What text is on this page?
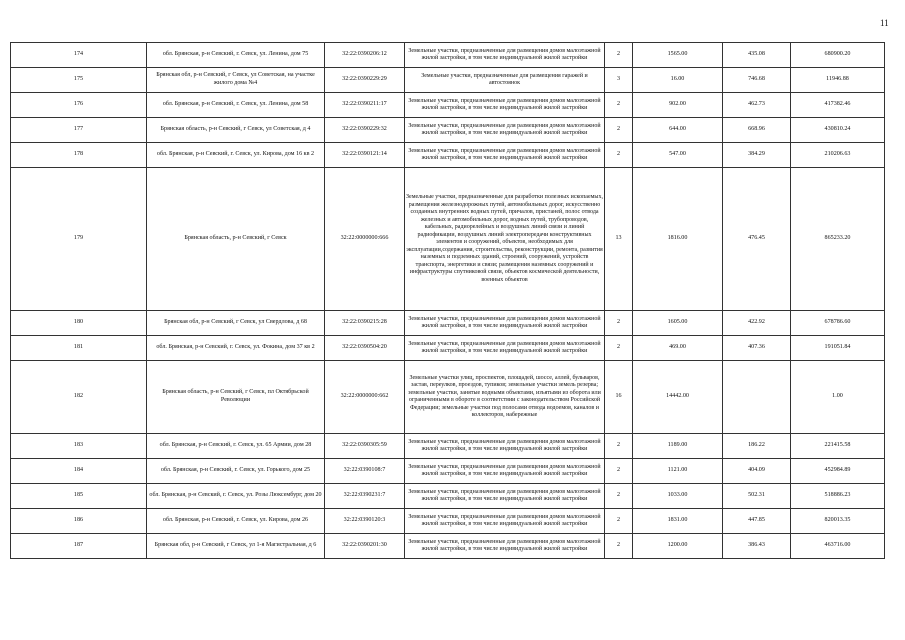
11
174	обл. Брянская, р-н Севский, г. Севск, ул. Ленина, дом 75	32:22:0390206:12	Земельные участки, предназначенные для размещения домов малоэтажной жилой застройки, в том числе индивидуальной жилой застройки	2	1565.00	435.08	680900.20
175	Брянская обл, р-н Севский, г Севск, ул Советская, на участке жилого дома №4	32:22:0390229:29	Земельные участки, предназначенные для размещения гаражей и автостоянок	3	16.00	746.68	11946.88
176	обл. Брянская, р-н Севский, г. Севск, ул. Ленина, дом 58	32:22:0390211:17	Земельные участки, предназначенные для размещения домов малоэтажной жилой застройки, в том числе индивидуальной жилой застройки	2	902.00	462.73	417382.46
177	Брянская область, р-н Севский, г Севск, ул Советская, д 4	32:22:0390229:32	Земельные участки, предназначенные для размещения домов малоэтажной жилой застройки, в том числе индивидуальной жилой застройки	2	644.00	668.96	430810.24
178	обл. Брянская, р-н Севский, г. Севск, ул. Кирова, дом 16 кв 2	32:22:0390121:14	Земельные участки, предназначенные для размещения домов малоэтажной жилой застройки, в том числе индивидуальной жилой застройки	2	547.00	384.29	210206.63
179	Брянская область, р-н Севский, г Севск	32:22:0000000:666	Земельные участки, предназначенные для разработки полезных ископаемых, размещения железнодорожных путей, автомобильных дорог, искусственно созданных внутренних водных путей, причалов, пристаней, полос отвода железных и автомобильных дорог, водных путей, трубопроводов, кабельных, радиорелейных и воздушных линий связи и линий радиофикации, воздушных линий электропередачи конструктивных элементов и сооружений, объектов, необходимых для эксплуатации,содержания, строительства, реконструкции, ремонта, развития наземных и подземных зданий, строений, сооружений, устройств транспорта, энергетики и связи; размещения наземных сооружений и инфраструктуры спутниковой связи, объектов космической деятельности, военных объектов	13	1816.00	476.45	865233.20
180	Брянская обл, р-н Севский, г Севск, ул Свердлова, д 68	32:22:0390215:28	Земельные участки, предназначенные для размещения домов малоэтажной жилой застройки, в том числе индивидуальной жилой застройки	2	1605.00	422.92	678786.60
181	обл. Брянская, р-н Севский, г. Севск, ул. Фокина, дом 37 кв 2	32:22:0390504:20	Земельные участки, предназначенные для размещения домов малоэтажной жилой застройки, в том числе индивидуальной жилой застройки	2	469.00	407.36	191051.84
182	Брянская область, р-н Севский, г Севск, пл Октябрьской Революции	32:22:0000000:662	Земельные участки улиц, проспектов, площадей, шоссе, аллей, бульваров, застав, переулков, проездов, тупиков; земельные участки земель резерва; земельные участки, занятые водными объектами, изъятыми из оборота или ограниченными в обороте в соответствии с законодательством Российской Федерации; земельные участки под полосами отвода водоемов, каналов и коллекторов, набережные	16	14442.00		1.00
183	обл. Брянская, р-н Севский, г. Севск, ул. 65 Армии, дом 28	32:22:0390305:59	Земельные участки, предназначенные для размещения домов малоэтажной жилой застройки, в том числе индивидуальной жилой застройки	2	1189.00	186.22	221415.58
184	обл. Брянская, р-н Севский, г. Севск, ул. Горького, дом 25	32:22:0390108:7	Земельные участки, предназначенные для размещения домов малоэтажной жилой застройки, в том числе индивидуальной жилой застройки	2	1121.00	404.09	452984.89
185	обл. Брянская, р-н Севский, г. Севск, ул. Розы Люксембург, дом 20	32:22:0390231:7	Земельные участки, предназначенные для размещения домов малоэтажной жилой застройки, в том числе индивидуальной жилой застройки	2	1033.00	502.31	518886.23
186	обл. Брянская, р-н Севский, г. Севск, ул. Кирова, дом 26	32:22:0390120:3	Земельные участки, предназначенные для размещения домов малоэтажной жилой застройки, в том числе индивидуальной жилой застройки	2	1831.00	447.85	820013.35
187	Брянская обл, р-н Севский, г Севск, ул 1-я Магистральная, д 6	32:22:0390201:30	Земельные участки, предназначенные для размещения домов малоэтажной жилой застройки, в том числе индивидуальной жилой застройки	2	1200.00	386.43	463716.00
